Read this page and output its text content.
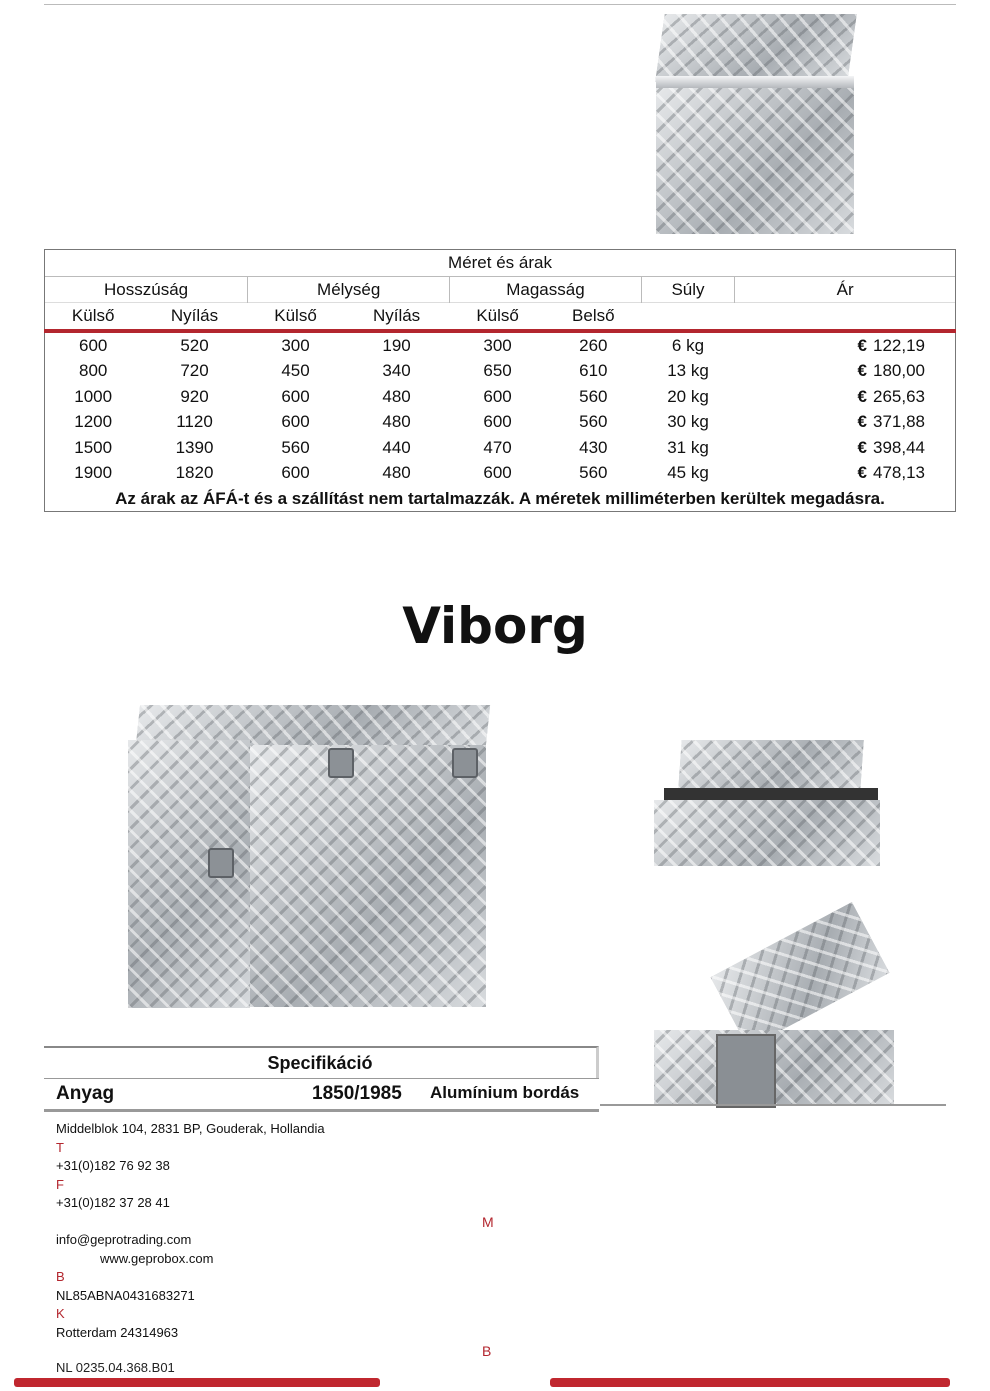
Méret és árak							
Hosszúság		Mélység		Magasság		Súly	Ár
Külső	Nyílás	Külső	Nyílás	Külső	Belső		
600	520	300	190	300	260	6 kg	€ 122,19
800	720	450	340	650	610	13 kg	€ 180,00
1000	920	600	480	600	560	20 kg	€ 265,63
1200	1120	600	480	600	560	30 kg	€ 371,88
1500	1390	560	440	470	430	31 kg	€ 398,44
1900	1820	600	480	600	560	45 kg	€ 478,13
Az árak az ÁFÁ-t és a szállítást nem tartalmazzák. A méretek milliméterben kerültek megadásra.							
Viborg
Specifikáció
Anyag	1850/1985 Alumínium bordás
Middelblok 104, 2831 BP, Gouderak, Hollandia
T
+31(0)182 76 92 38
F
+31(0)182 37 28 41

info@geprotrading.com
www.geprobox.com
B
NL85ABNA0431683271
K
Rotterdam 24314963
NL 0235.04.368.B01
M
B
